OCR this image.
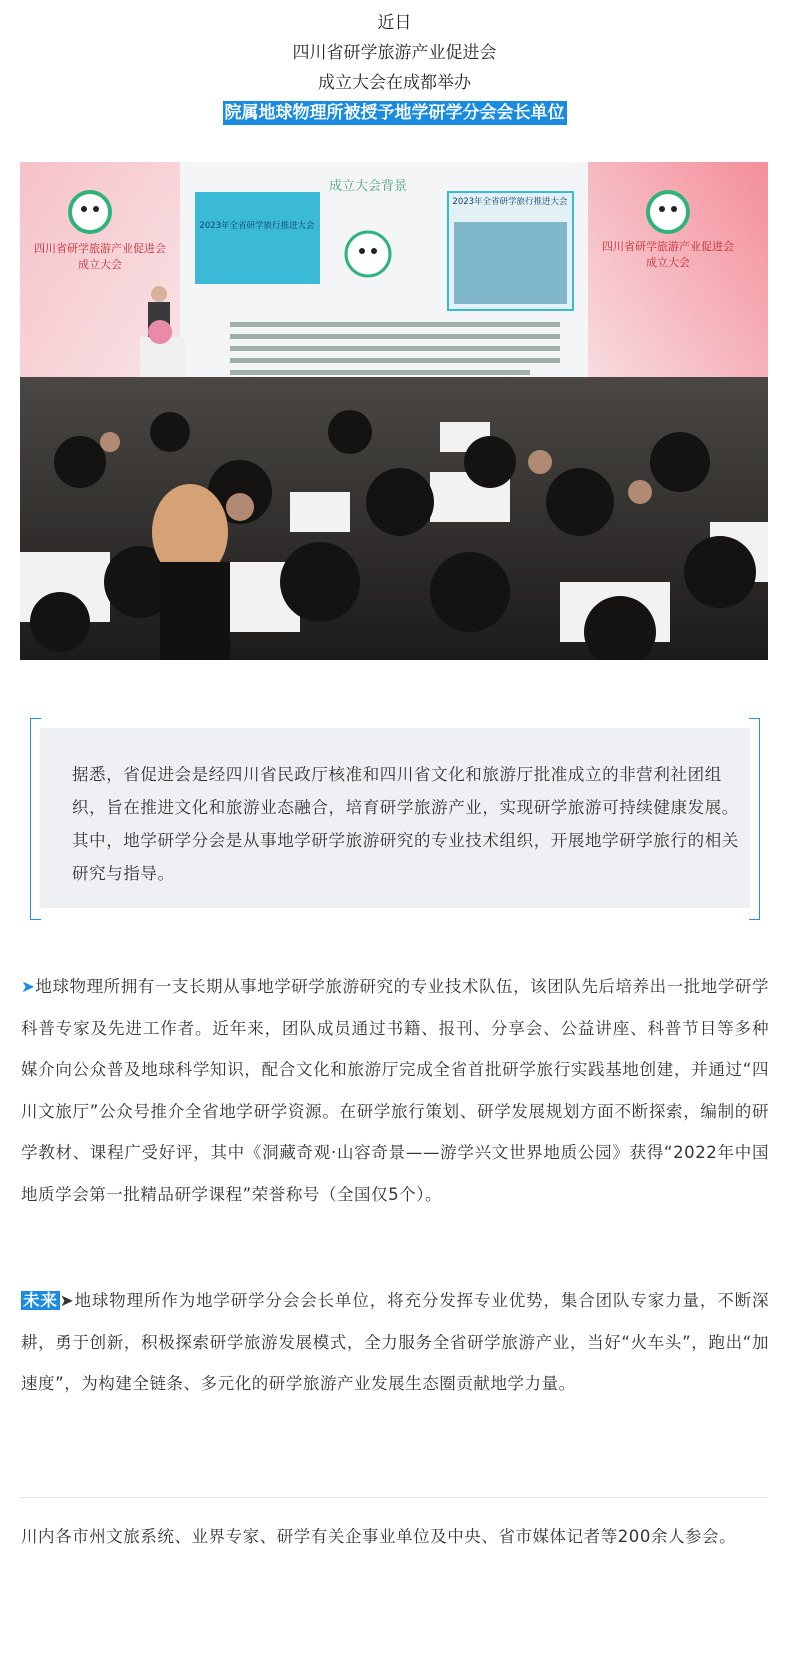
近日
四川省研学旅游产业促进会
成立大会在成都举办
院属地球物理所被授予地学研学分会会长单位
四川省研学旅游产业促进会
成立大会
四川省研学旅游产业促进会
成立大会
成立大会背景
2023年全省研学旅行推进大会
2023年全省研学旅行推进大会
据悉，省促进会是经四川省民政厅核准和四川省文化和旅游厅批准成立的非营利社团组织，旨在推进文化和旅游业态融合，培育研学旅游产业，实现研学旅游可持续健康发展。其中，地学研学分会是从事地学研学旅游研究的专业技术组织，开展地学研学旅行的相关研究与指导。
➤地球物理所拥有一支长期从事地学研学旅游研究的专业技术队伍，该团队先后培养出一批地学研学科普专家及先进工作者。近年来，团队成员通过书籍、报刊、分享会、公益讲座、科普节目等多种媒介向公众普及地球科学知识，配合文化和旅游厅完成全省首批研学旅行实践基地创建，并通过“四川文旅厅”公众号推介全省地学研学资源。在研学旅行策划、研学发展规划方面不断探索，编制的研学教材、课程广受好评，其中《洞藏奇观·山容奇景——游学兴文世界地质公园》获得“2022年中国地质学会第一批精品研学课程”荣誉称号（全国仅5个）。
未来 ➤地球物理所作为地学研学分会会长单位，将充分发挥专业优势，集合团队专家力量，不断深耕，勇于创新，积极探索研学旅游发展模式，全力服务全省研学旅游产业，当好“火车头”，跑出“加速度”，为构建全链条、多元化的研学旅游产业发展生态圈贡献地学力量。
川内各市州文旅系统、业界专家、研学有关企事业单位及中央、省市媒体记者等200余人参会。
